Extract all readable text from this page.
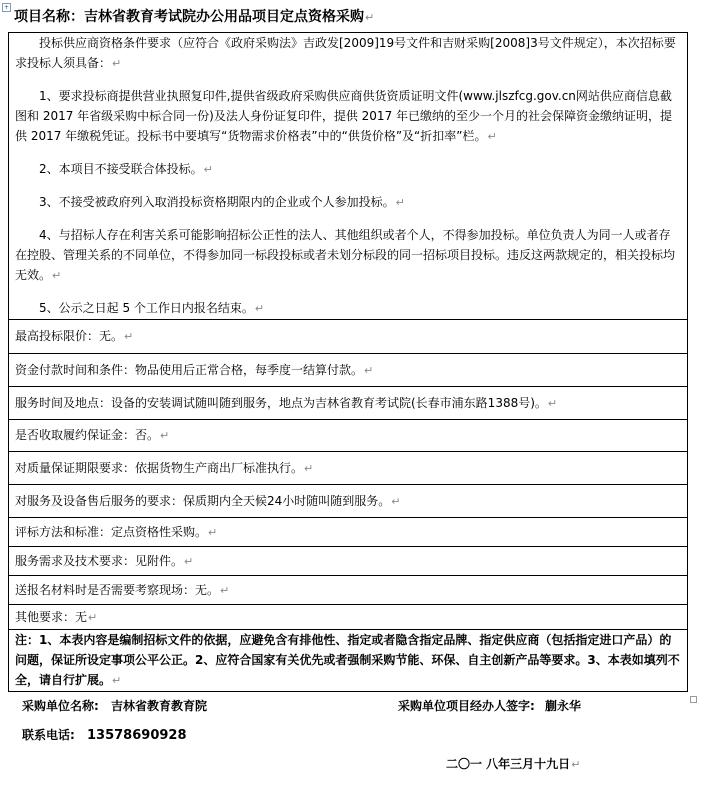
+
项目名称：吉林省教育考试院办公用品项目定点资格采购↵

投标供应商资格条件要求（应符合《政府采购法》吉政发[2009]19号文件和吉财采购[2008]3号文件规定），本次招标要求投标人须具备：↵

1、要求投标商提供营业执照复印件,提供省级政府采购供应商供货资质证明文件(www.jlszfcg.gov.cn网站供应商信息截图和 2017 年省级采购中标合同一份)及法人身份证复印件，提供 2017 年已缴纳的至少一个月的社会保障资金缴纳证明，提供 2017 年缴税凭证。投标书中要填写“货物需求价格表”中的“供货价格”及“折扣率”栏。↵

2、本项目不接受联合体投标。↵

3、不接受被政府列入取消投标资格期限内的企业或个人参加投标。↵

4、与招标人存在利害关系可能影响招标公正性的法人、其他组织或者个人，不得参加投标。单位负责人为同一人或者存在控股、管理关系的不同单位，不得参加同一标段投标或者未划分标段的同一招标项目投标。违反这两款规定的，相关投标均无效。↵

5、公示之日起 5 个工作日内报名结束。↵

最高投标限价：无。↵
资金付款时间和条件：物品使用后正常合格，每季度一结算付款。↵
服务时间及地点：设备的安装调试随叫随到服务，地点为吉林省教育考试院(长春市浦东路1388号)。↵
是否收取履约保证金：否。↵
对质量保证期限要求：依据货物生产商出厂标准执行。↵
对服务及设备售后服务的要求：保质期内全天候24小时随叫随到服务。↵
评标方法和标准：定点资格性采购。↵
服务需求及技术要求：见附件。↵
送报名材料时是否需要考察现场：无。↵
其他要求：无↵
注：1、本表内容是编制招标文件的依据，应避免含有排他性、指定或者隐含指定品牌、指定供应商（包括指定进口产品）的问题，保证所设定事项公平公正。2、应符合国家有关优先或者强制采购节能、环保、自主创新产品等要求。3、本表如填列不全，请自行扩展。↵
采购单位名称: 吉林省教育教育院	采购单位项目经办人签字: 蒯永华
联系电话: 13578690928
二〇一 八年三月十九日↵
